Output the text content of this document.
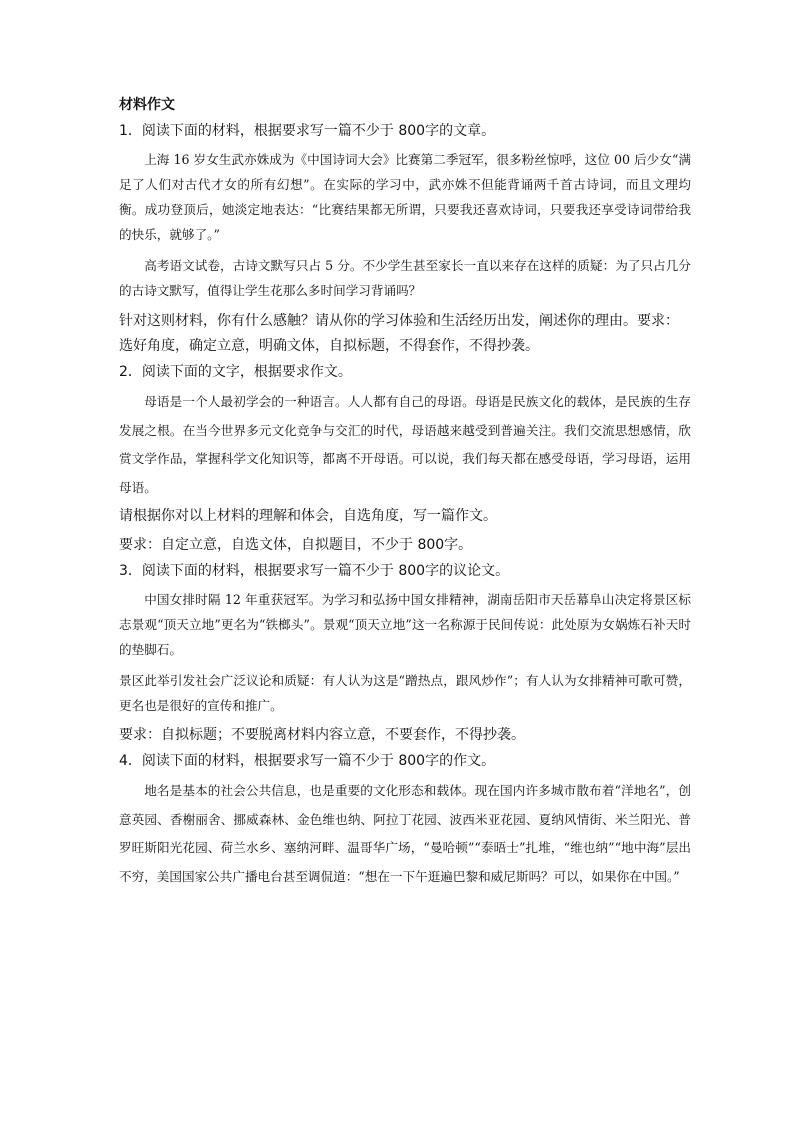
材料作文
1．阅读下面的材料，根据要求写一篇不少于 800字的文章。

上海 16 岁女生武亦姝成为《中国诗词大会》比赛第二季冠军，很多粉丝惊呼，这位 00 后少女“满足了人们对古代才女的所有幻想”。在实际的学习中，武亦姝不但能背诵两千首古诗词，而且文理均衡。成功登顶后，她淡定地表达：“比赛结果都无所谓，只要我还喜欢诗词，只要我还享受诗词带给我的快乐，就够了。”

高考语文试卷，古诗文默写只占 5 分。不少学生甚至家长一直以来存在这样的质疑：为了只占几分的古诗文默写，值得让学生花那么多时间学习背诵吗？

针对这则材料，你有什么感触？请从你的学习体验和生活经历出发，阐述你的理由。要求：选好角度，确定立意，明确文体，自拟标题，不得套作，不得抄袭。

2．阅读下面的文字，根据要求作文。

母语是一个人最初学会的一种语言。人人都有自己的母语。母语是民族文化的载体，是民族的生存发展之根。在当今世界多元文化竞争与交汇的时代，母语越来越受到普遍关注。我们交流思想感情，欣赏文学作品，掌握科学文化知识等，都离不开母语。可以说，我们每天都在感受母语，学习母语，运用母语。

请根据你对以上材料的理解和体会，自选角度，写一篇作文。

要求：自定立意，自选文体，自拟题目，不少于 800字。

3．阅读下面的材料，根据要求写一篇不少于 800字的议论文。

中国女排时隔 12 年重获冠军。为学习和弘扬中国女排精神，湖南岳阳市天岳幕阜山决定将景区标志景观“顶天立地”更名为“铁榔头”。景观“顶天立地”这一名称源于民间传说：此处原为女娲炼石补天时的垫脚石。

景区此举引发社会广泛议论和质疑：有人认为这是“蹭热点，跟风炒作”；有人认为女排精神可歌可赞，更名也是很好的宣传和推广。

要求：自拟标题；不要脱离材料内容立意，不要套作，不得抄袭。

4．阅读下面的材料，根据要求写一篇不少于 800字的作文。

地名是基本的社会公共信息，也是重要的文化形态和载体。现在国内许多城市散布着“洋地名”，创意英园、香榭丽舍、挪威森林、金色维也纳、阿拉丁花园、波西米亚花园、夏纳风情街、米兰阳光、普罗旺斯阳光花园、荷兰水乡、塞纳河畔、温哥华广场，“曼哈顿”“泰晤士”扎堆，“维也纳”“地中海”层出不穷，美国国家公共广播电台甚至调侃道：“想在一下午逛遍巴黎和威尼斯吗？可以，如果你在中国。”
